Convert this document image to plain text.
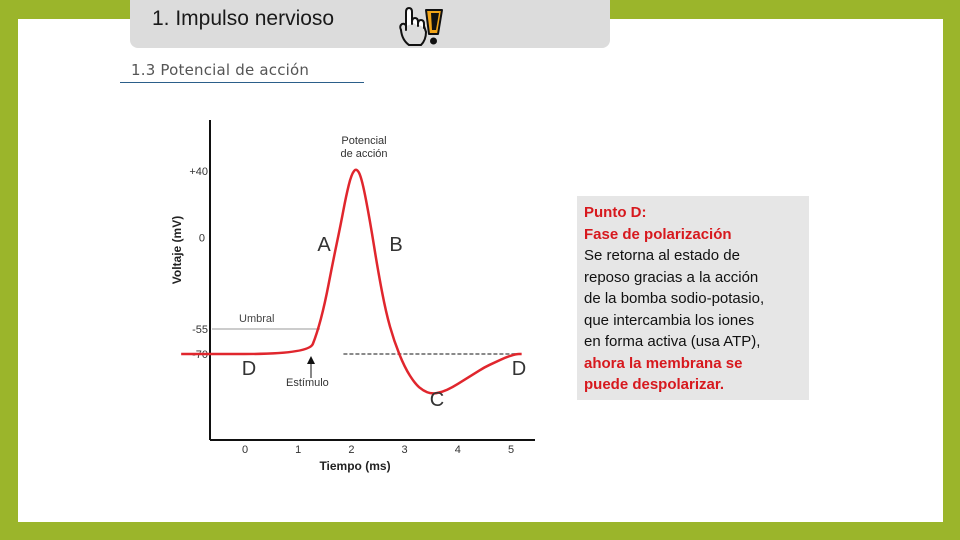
1. Impulso nervioso
1.3 Potencial de acción
Umbral
+40
0
-55
-70
0	1	2	3	4	5
Tiempo (ms)
Voltaje (mV)
Potencial
de acción
Estímulo
A	B
C
D	D
Punto D:
Fase de polarización
Se retorna al estado de
reposo gracias a la acción
de la bomba sodio-potasio,
que intercambia los iones
en forma activa (usa ATP),
ahora la membrana se
puede despolarizar.
